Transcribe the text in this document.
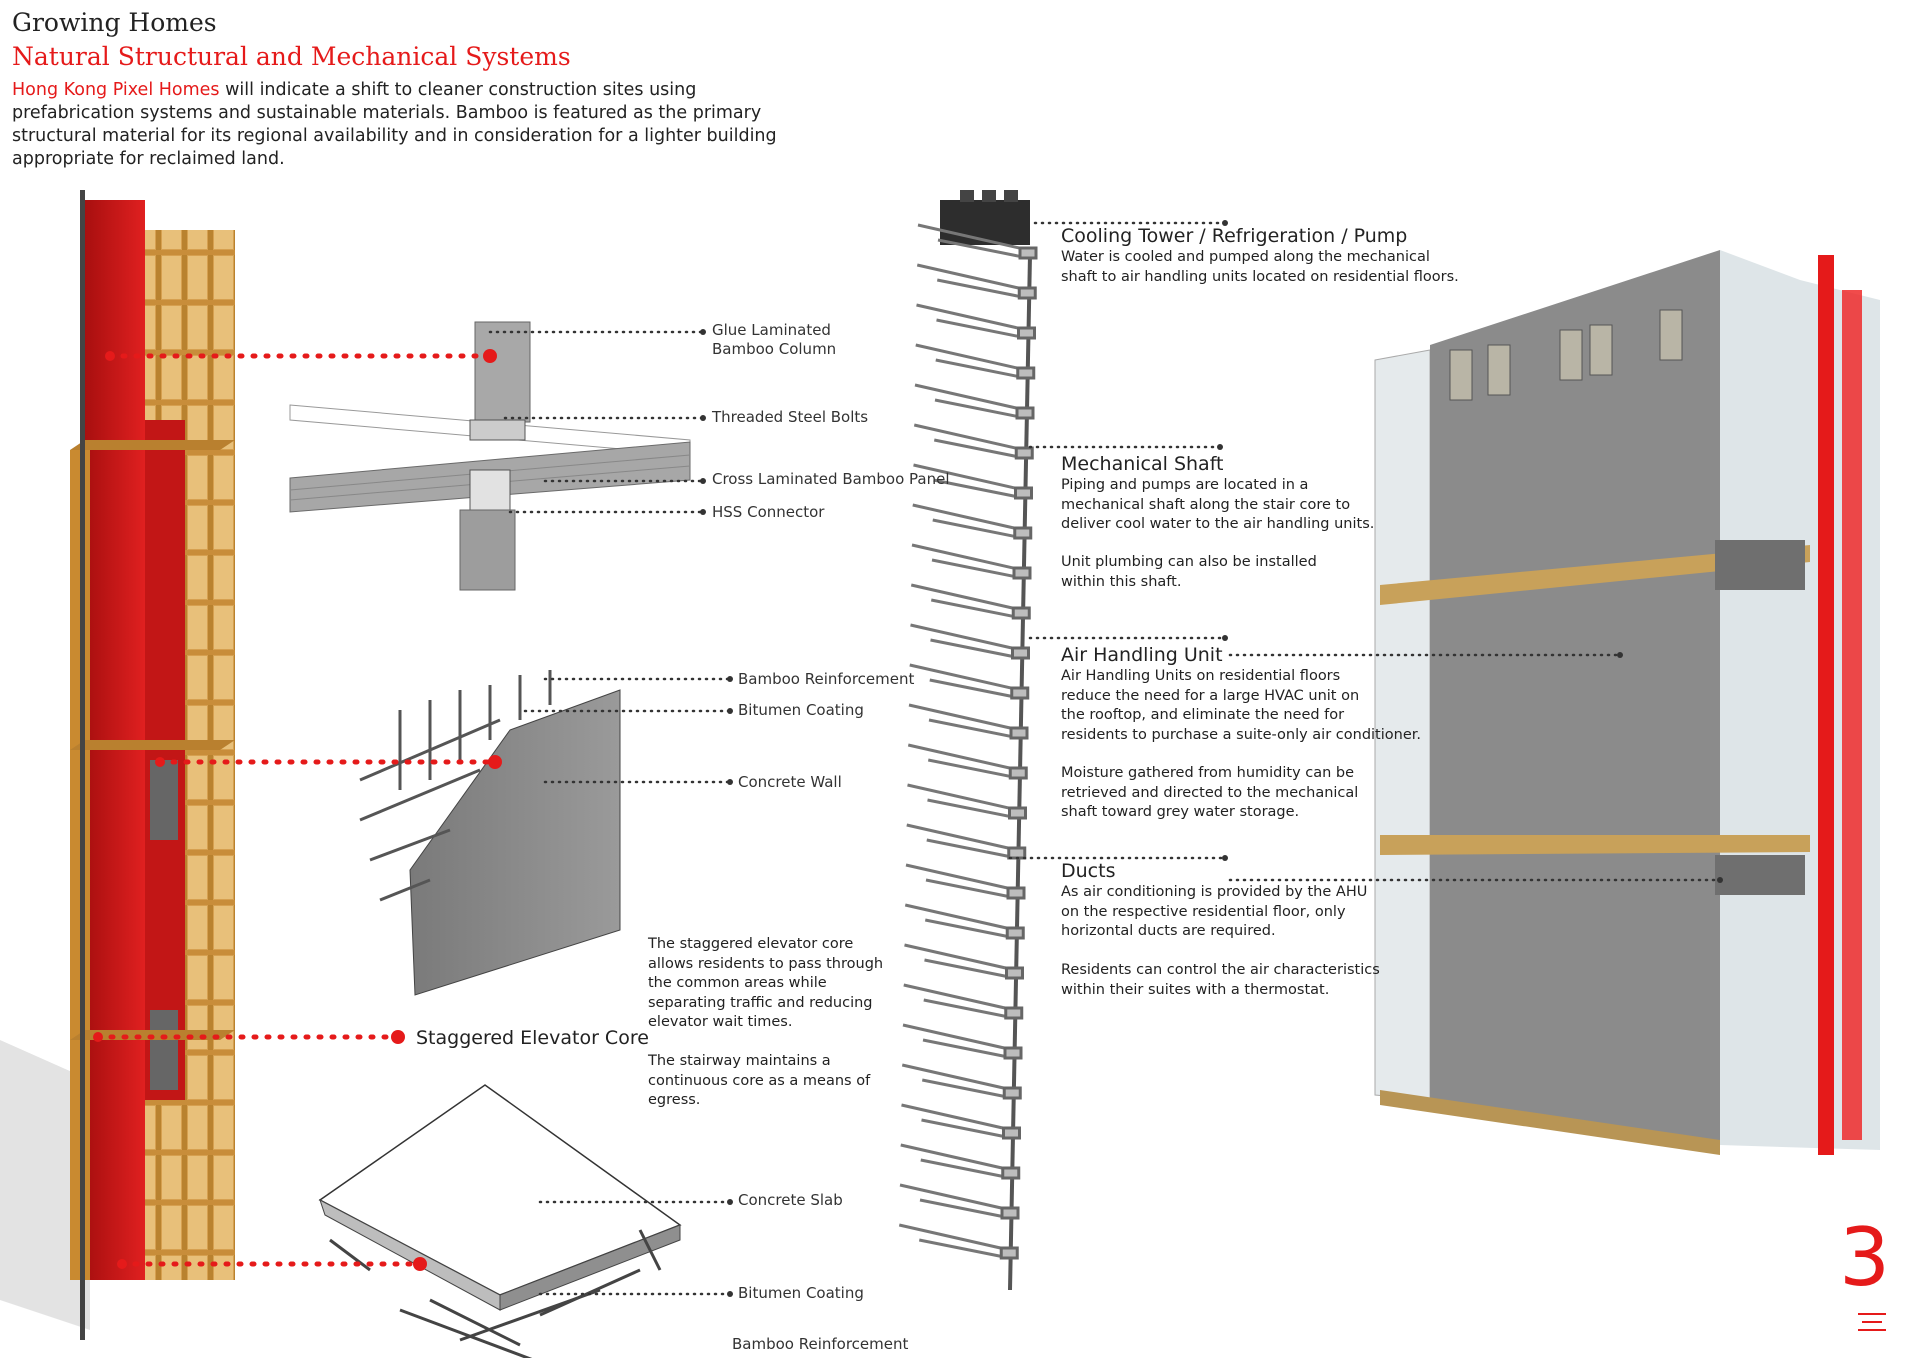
Growing Homes
Natural Structural and Mechanical Systems
Hong Kong Pixel Homes will indicate a shift to cleaner construction sites using prefabrication systems and sustainable materials. Bamboo is featured as the primary structural material for its regional availability and in consideration for a lighter building appropriate for reclaimed land.
Glue Laminated
Bamboo Column
Threaded Steel Bolts
Cross Laminated Bamboo Panel
HSS Connector
Bamboo Reinforcement
Bitumen Coating
Concrete Wall
Staggered Elevator Core
The staggered elevator core
allows residents to pass through
the common areas while
separating traffic and reducing
elevator wait times.
The stairway maintains a
continuous core as a means of
egress.
Concrete Slab
Bitumen Coating
Bamboo Reinforcement
Cooling Tower / Refrigeration / Pump
Water is cooled and pumped along the mechanical
shaft to air handling units located on residential floors.
Mechanical Shaft
Piping and pumps are located in a
mechanical shaft along the stair core to
deliver cool water to the air handling units.
Unit plumbing can also be installed
within this shaft.
Air Handling Unit
Air Handling Units on residential floors
reduce the need for a large HVAC unit on
the rooftop, and eliminate the need for
residents to purchase a suite-only air conditioner.
Moisture gathered from humidity can be
retrieved and directed to the mechanical
shaft toward grey water storage.
Ducts
As air conditioning is provided by the AHU
on the respective residential floor, only
horizontal ducts are required.
Residents can control the air characteristics
within their suites with a thermostat.
3
